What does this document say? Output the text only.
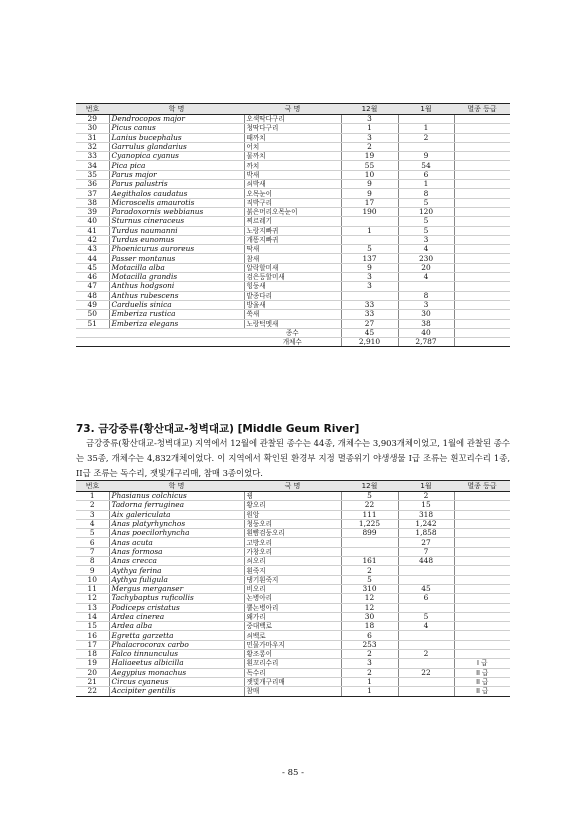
번호	학 명	국 명	12월	1월	멸종 등급
29	Dendrocopos major	오색딱다구리	3		
30	Picus canus	청딱다구리	1	1	
31	Lanius bucephalus	때까치	3	2	
32	Garrulus glandarius	어치	2		
33	Cyanopica cyanus	물까치	19	9	
34	Pica pica	까치	55	54	
35	Parus major	박새	10	6	
36	Parus palustris	쇠박새	9	1	
37	Aegithalos caudatus	오목눈이	9	8	
38	Microscelis amaurotis	직박구리	17	5	
39	Paradoxornis webbianus	붉은머리오목눈이	190	120	
40	Sturnus cineraceus	찌르레기		5	
41	Turdus naumanni	노랑지빠귀	1	5	
42	Turdus eunomus	개똥지빠귀		3	
43	Phoenicurus auroreus	딱새	5	4	
44	Passer montanus	참새	137	230	
45	Motacilla alba	알락할미새	9	20	
46	Motacilla grandis	검은등할미새	3	4	
47	Anthus hodgsoni	힝둥새	3		
48	Anthus rubescens	밭종다리		8	
49	Carduelis sinica	방울새	33	3	
50	Emberiza rustica	쑥새	33	30	
51	Emberiza elegans	노랑턱멧새	27	38	
		종수	45	40	
		개체수	2,910	2,787	
73. 금강중류(황산대교-청벽대교) [Middle Geum River]
금강중류(황산대교-청벽대교) 지역에서 12월에 관찰된 종수는 44종, 개체수는 3,903개체이었고, 1월에 관찰된 종수는 35종, 개체수는 4,832개체이었다. 이 지역에서 확인된 환경부 지정 멸종위기 야생생물 I급 조류는 흰꼬리수리 1종, II급 조류는 독수리, 잿빛개구리매, 참매 3종이었다.
번호	학 명	국 명	12월	1월	멸종 등급
1	Phasianus colchicus	꿩	5	2	
2	Tadorna ferruginea	황오리	22	15	
3	Aix galericulata	원앙	111	318	
4	Anas platyrhynchos	청둥오리	1,225	1,242	
5	Anas poecilorhyncha	흰뺨검둥오리	899	1,858	
6	Anas acuta	고방오리		27	
7	Anas formosa	가창오리		7	
8	Anas crecca	쇠오리	161	448	
9	Aythya ferina	흰죽지	2		
10	Aythya fuligula	댕기흰죽지	5		
11	Mergus merganser	비오리	310	45	
12	Tachybaptus ruficollis	논병아리	12	6	
13	Podiceps cristatus	뿔논병아리	12		
14	Ardea cinerea	왜가리	30	5	
15	Ardea alba	중대백로	18	4	
16	Egretta garzetta	쇠백로	6		
17	Phalacrocorax carbo	민물가마우지	253		
18	Falco tinnunculus	황조롱이	2	2	
19	Haliaeetus albicilla	흰꼬리수리	3		I 급
20	Aegypius monachus	독수리	2	22	II 급
21	Circus cyaneus	잿빛개구리매	1		II 급
22	Accipiter gentilis	참매	1		II 급
- 85 -
